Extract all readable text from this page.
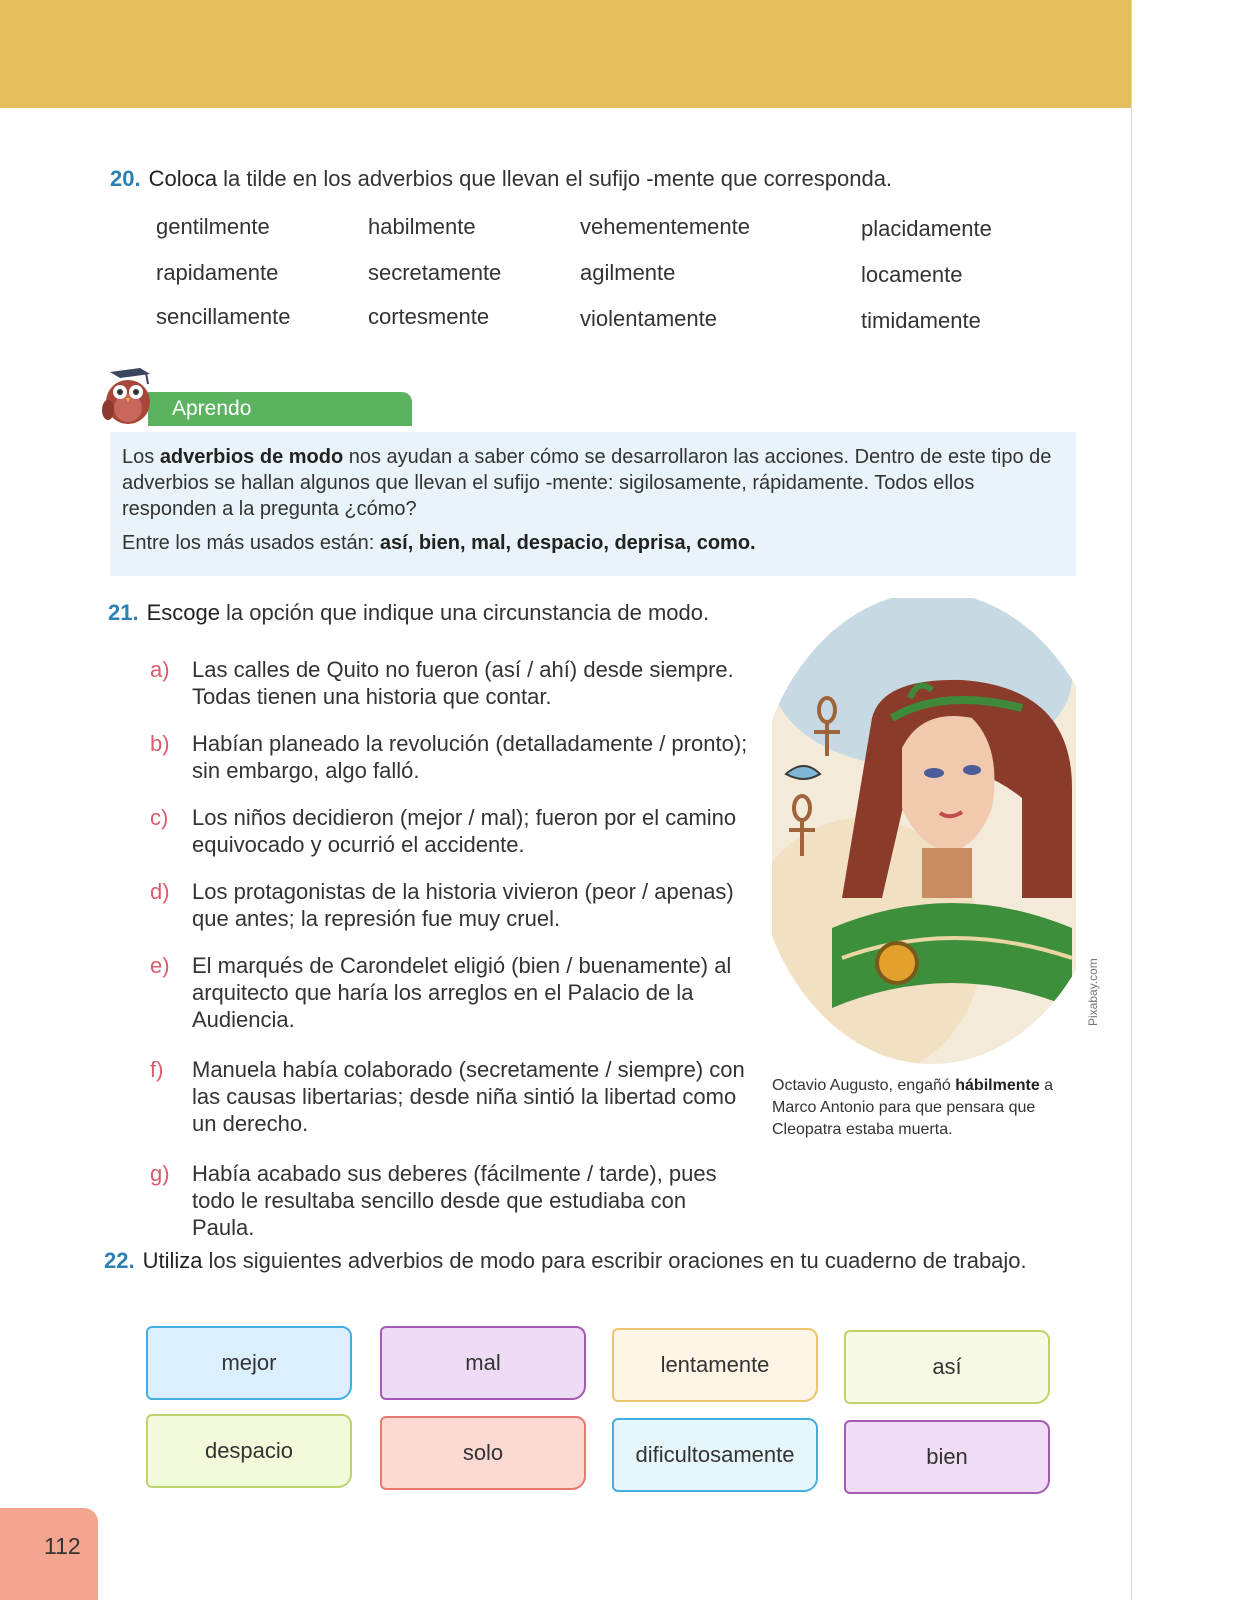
20. Coloca la tilde en los adverbios que llevan el sufijo -mente que corresponda.
gentilmente	habilmente	vehementemente	placidamente
rapidamente	secretamente	agilmente	locamente
sencillamente	cortesmente	violentamente	timidamente
Aprendo

Los adverbios de modo nos ayudan a saber cómo se desarrollaron las acciones. Dentro de este tipo de adverbios se hallan algunos que llevan el sufijo -mente: sigilosamente, rápidamente. Todos ellos responden a la pregunta ¿cómo?

Entre los más usados están: así, bien, mal, despacio, deprisa, como.

21. Escoge la opción que indique una circunstancia de modo.
a) Las calles de Quito no fueron (así / ahí) desde siempre. Todas tienen una historia que contar.
b) Habían planeado la revolución (detalladamente / pronto); sin embargo, algo falló.
c) Los niños decidieron (mejor / mal); fueron por el camino equivocado y ocurrió el accidente.
d) Los protagonistas de la historia vivieron (peor / apenas) que antes; la represión fue muy cruel.
e) El marqués de Carondelet eligió (bien / buenamente) al arquitecto que haría los arreglos en el Palacio de la Audiencia.
f) Manuela había colaborado (secretamente / siempre) con las causas libertarias; desde niña sintió la libertad como un derecho.
g) Había acabado sus deberes (fácilmente / tarde), pues todo le resultaba sencillo desde que estudiaba con Paula.
Pixabay.com
Octavio Augusto, engañó hábilmente a Marco Antonio para que pensara que Cleopatra estaba muerta.
22. Utiliza los siguientes adverbios de modo para escribir oraciones en tu cuaderno de trabajo.
mejor	mal	lentamente	así
despacio	solo	dificultosamente	bien
112
